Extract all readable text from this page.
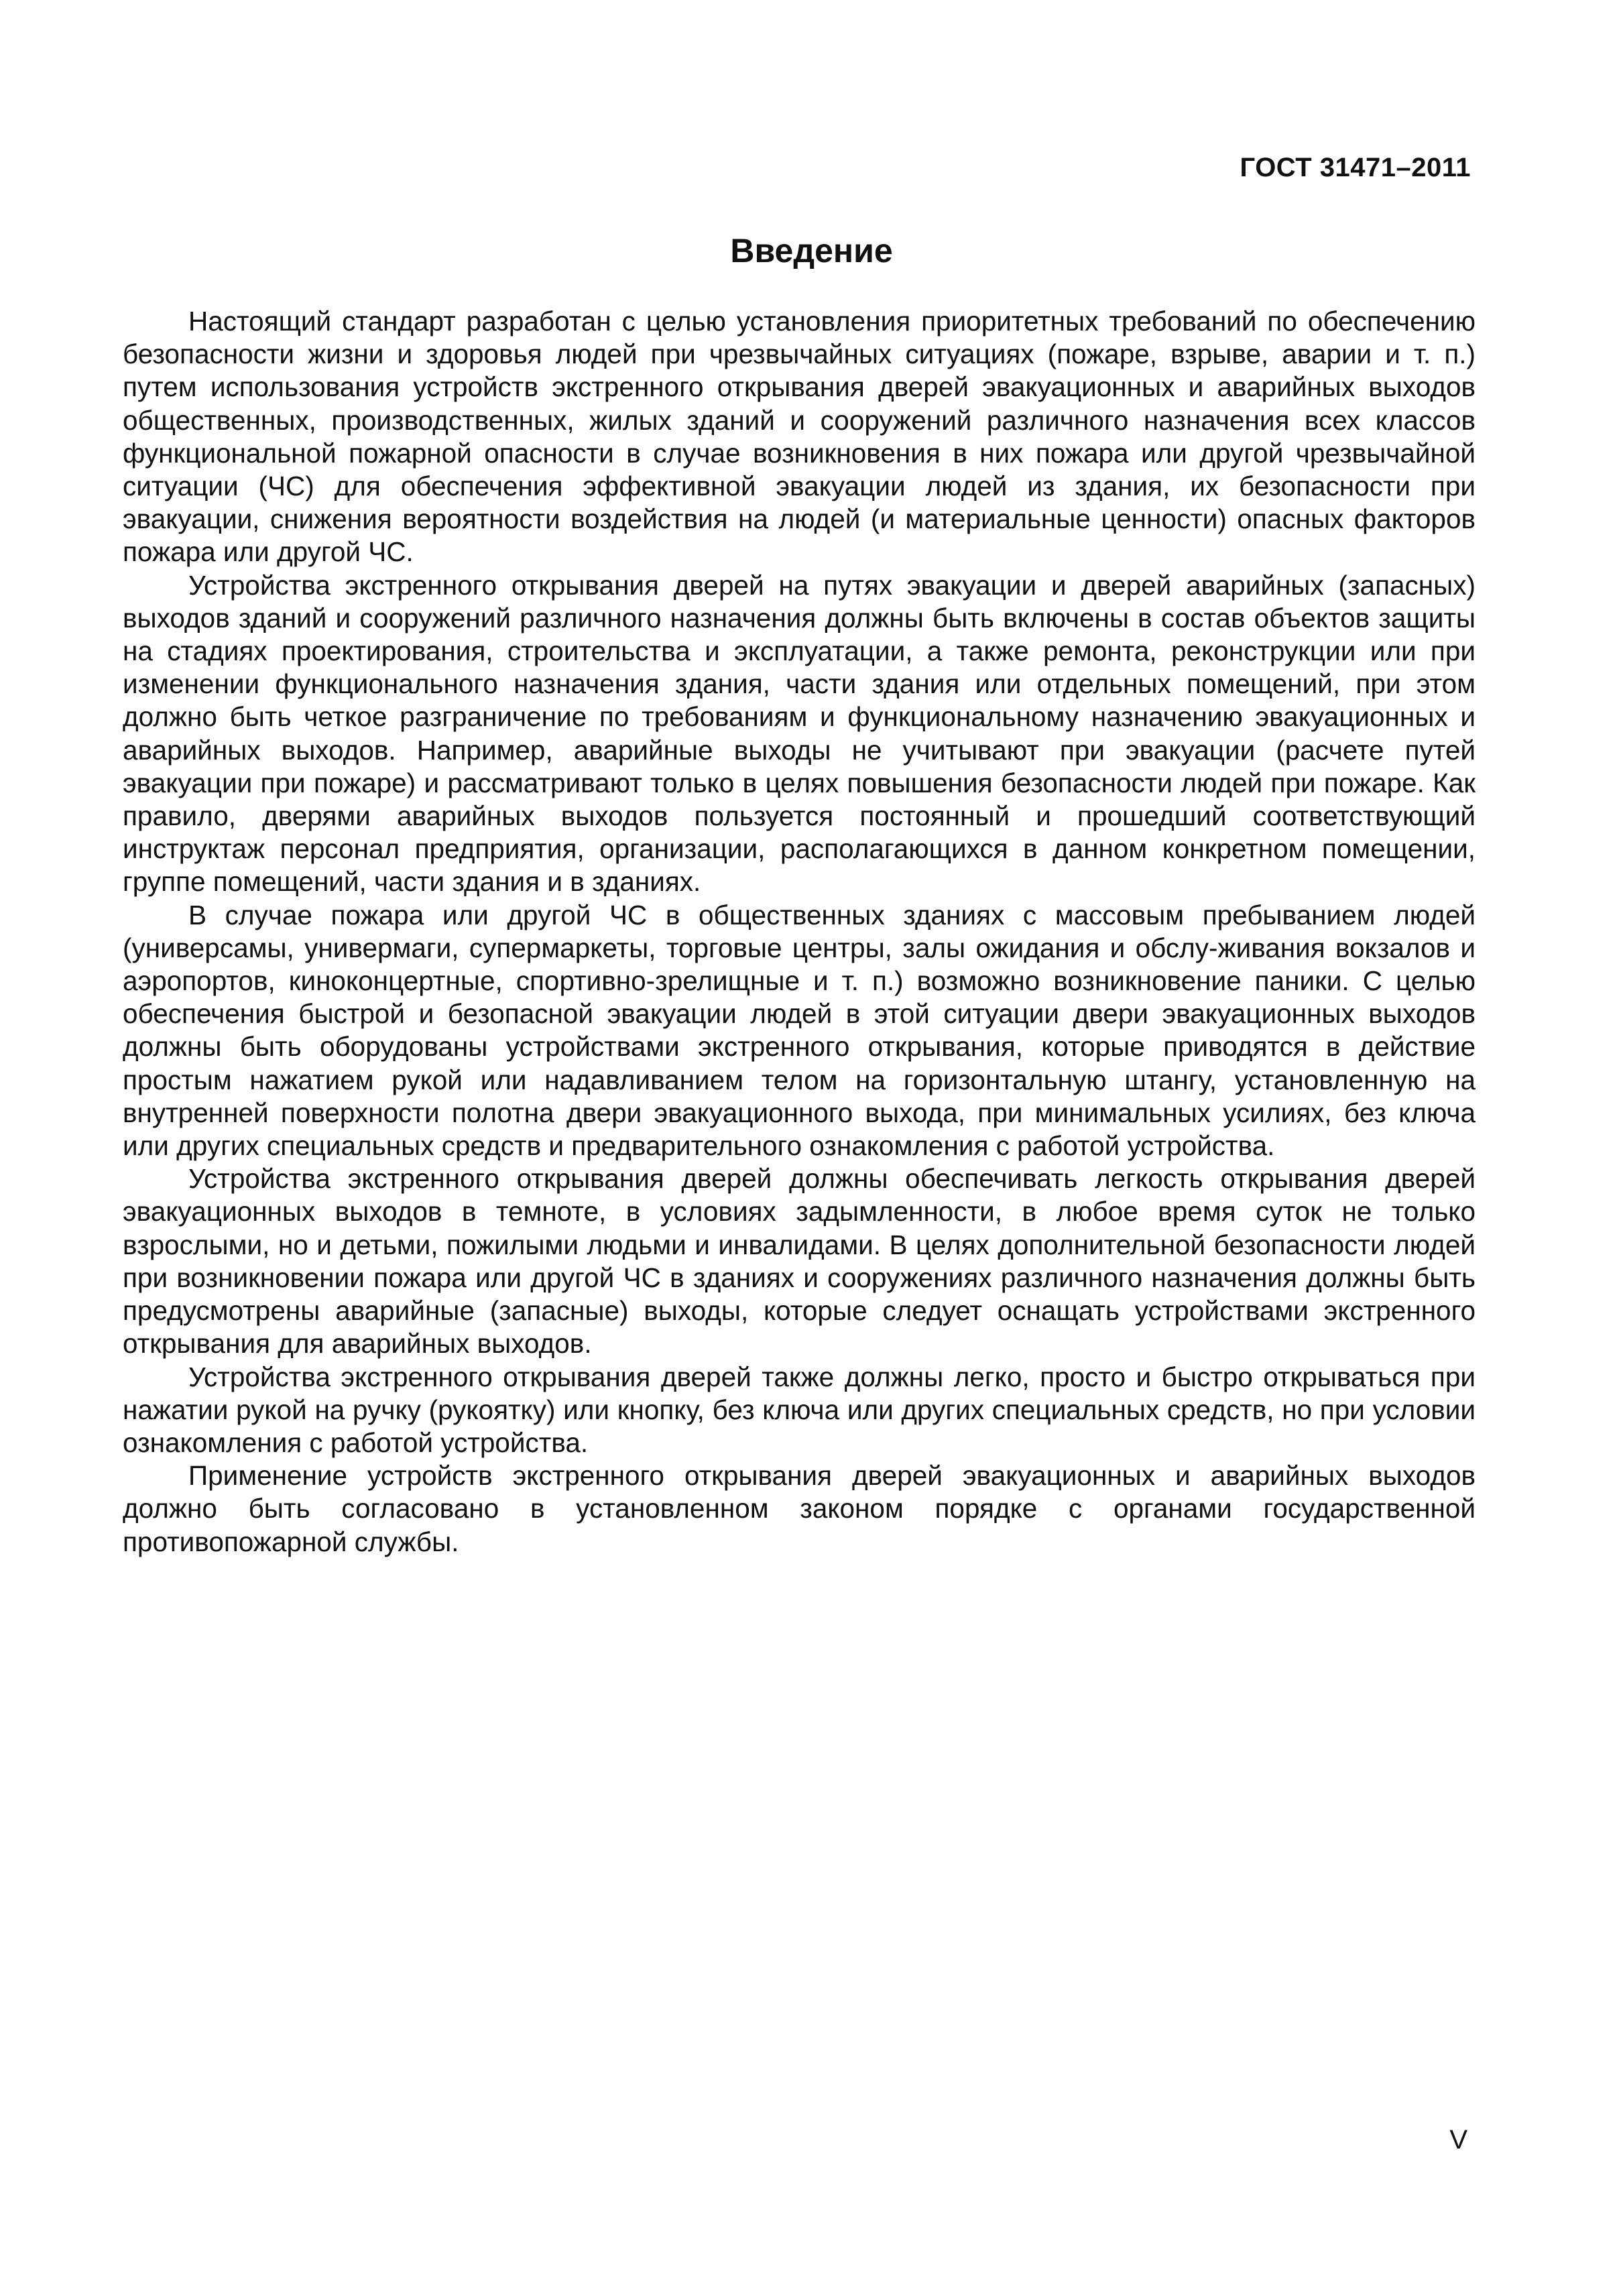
ГОСТ 31471–2011
Введение

Настоящий стандарт разработан с целью установления приоритетных требований по обеспечению безопасности жизни и здоровья людей при чрезвычайных ситуациях (пожаре, взрыве, аварии и т. п.) путем использования устройств экстренного открывания дверей эвакуационных и аварийных выходов общественных, производственных, жилых зданий и сооружений различного назначения всех классов функциональной пожарной опасности в случае возникновения в них пожара или другой чрезвычайной ситуации (ЧС) для обеспечения эффективной эвакуации людей из здания, их безопасности при эвакуации, снижения вероятности воздействия на людей (и материальные ценности) опасных факторов пожара или другой ЧС.

Устройства экстренного открывания дверей на путях эвакуации и дверей аварийных (запасных) выходов зданий и сооружений различного назначения должны быть включены в состав объектов защиты на стадиях проектирования, строительства и эксплуатации, а также ремонта, реконструкции или при изменении функционального назначения здания, части здания или отдельных помещений, при этом должно быть четкое разграничение по требованиям и функциональному назначению эвакуационных и аварийных выходов. Например, аварийные выходы не учитывают при эвакуации (расчете путей эвакуации при пожаре) и рассматривают только в целях повышения безопасности людей при пожаре. Как правило, дверями аварийных выходов пользуется постоянный и прошедший соответствующий инструктаж персонал предприятия, организации, располагающихся в данном конкретном помещении, группе помещений, части здания и в зданиях.

В случае пожара или другой ЧС в общественных зданиях с массовым пребыванием людей (универсамы, универмаги, супермаркеты, торговые центры, залы ожидания и обслу-живания вокзалов и аэропортов, киноконцертные, спортивно-зрелищные и т. п.) возможно возникновение паники. С целью обеспечения быстрой и безопасной эвакуации людей в этой ситуации двери эвакуационных выходов должны быть оборудованы устройствами экстренного открывания, которые приводятся в действие простым нажатием рукой или надавливанием телом на горизонтальную штангу, установленную на внутренней поверхности полотна двери эвакуационного выхода, при минимальных усилиях, без ключа или других специальных средств и предварительного ознакомления с работой устройства.

Устройства экстренного открывания дверей должны обеспечивать легкость открывания дверей эвакуационных выходов в темноте, в условиях задымленности, в любое время суток не только взрослыми, но и детьми, пожилыми людьми и инвалидами. В целях дополнительной безопасности людей при возникновении пожара или другой ЧС в зданиях и сооружениях различного назначения должны быть предусмотрены аварийные (запасные) выходы, которые следует оснащать устройствами экстренного открывания для аварийных выходов.

Устройства экстренного открывания дверей также должны легко, просто и быстро открываться при нажатии рукой на ручку (рукоятку) или кнопку, без ключа или других специальных средств, но при условии ознакомления с работой устройства.

Применение устройств экстренного открывания дверей эвакуационных и аварийных выходов должно быть согласовано в установленном законом порядке с органами государственной противопожарной службы.

V
